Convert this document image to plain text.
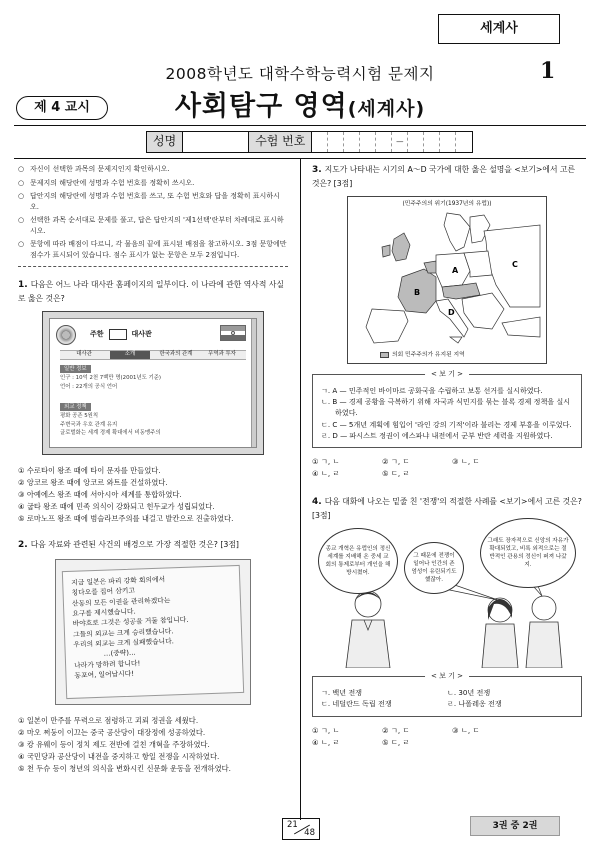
세계사
2008학년도 대학수학능력시험 문제지	1
제 4 교시	사회탐구 영역(세계사)
성명	수험 번호	—
○ 자신이 선택한 과목의 문제지인지 확인하시오.
○ 문제지의 해당란에 성명과 수험 번호를 정확히 쓰시오.
○ 답안지의 해당란에 성명과 수험 번호를 쓰고, 또 수험 번호와 답을 정확히 표시하시오.
○ 선택한 과목 순서대로 문제를 풀고, 답은 답안지의 '제1선택'란부터 차례대로 표시하시오.
○ 문항에 따라 배점이 다르니, 각 물음의 끝에 표시된 배점을 참고하시오. 3점 문항에만 점수가 표시되어 있습니다. 점수 표시가 없는 문항은 모두 2점입니다.
1. 다음은 어느 나라 대사관 홈페이지의 일부이다. 이 나라에 관한 역사적 사실로 옳은 것은?
주한	대사관
대사관	소개	한국과의 관계	무역과 투자
일반 정보
인구 : 10억 2천 7백만 명(2001년도 기준)
언어 : 22개의 공식 언어
외교 정책
평화 공존 5원칙
주변국과 우호 관계 유지
글로벌화는 세계 경제 확대에서 비동맹주의
① 수로타이 왕조 때에 타이 문자를 만들었다.
② 앙코르 왕조 때에 앙코르 와트를 건설하였다.
③ 아예에스 왕조 때에 서아시아 세계를 통합하였다.
④ 굽타 왕조 때에 민족 의식이 강화되고 힌두교가 성립되었다.
⑤ 로마노프 왕조 때에 범슬라브주의를 내걸고 발칸으로 진출하였다.
2. 다음 자료와 관련된 사건의 배경으로 가장 적절한 것은? [3점]
지금 일본은 파리 강화 회의에서
칭다오를 집어 삼키고
산동의 모든 이권을 관리하겠다는
요구를 제시했습니다.
바야흐로 그것은 성공을 거둘 참입니다.
그들의 외교는 크게 승리했습니다.
우리의 외교는 크게 실패했습니다.
…(중략)…
나라가 망하려 합니다!
동포여, 일어납시다!
① 일본이 만주를 무력으로 점령하고 괴뢰 정권을 세웠다.
② 마오 쩌둥이 이끄는 중국 공산당이 대장정에 성공하였다.
③ 캉 유웨이 등이 정치 제도 전반에 걸친 개혁을 주장하였다.
④ 국민당과 공산당이 내전을 중지하고 항일 전쟁을 시작하였다.
⑤ 천 두슈 등이 청년의 의식을 변화시킨 신문화 운동을 전개하였다.
3. 지도가 나타내는 시기의 A～D 국가에 대한 옳은 설명을 <보기>에서 고른 것은? [3점]
(민주주의의 위기(1937년의 유럽))
A
B
C
D
의회 민주주의가 유지된 지역
< 보 기 >
ㄱ. A — 민주적인 바이마르 공화국을 수립하고 보통 선거를 실시하였다.
ㄴ. B — 경제 공황을 극복하기 위해 자국과 식민지를 묶는 블록 경제 정책을 실시하였다.
ㄷ. C — 5개년 계획에 힘입어 '라인 강의 기적'이라 불리는 경제 부흥을 이루었다.
ㄹ. D — 파시스트 정권이 에스파냐 내전에서 군부 반란 세력을 지원하였다.
① ㄱ, ㄴ	② ㄱ, ㄷ	③ ㄴ, ㄷ
④ ㄴ, ㄹ	⑤ ㄷ, ㄹ
4. 다음 대화에 나오는 밑줄 친 '전쟁'의 적절한 사례를 <보기>에서 고른 것은? [3점]
종교 개혁은 유럽인의 정신 세계를 지배해 온 중세 교회의 통제로부터 개인을 해방시켰어.
그 때문에 전쟁이 일어나 인간의 존엄성이 유린되기도 했잖아.
그래도 장자적으로 신앙의 자유가 확대되었고, 비록 외적으로는 절반적인 관용의 정신이 퍼져 나갔지.
< 보 기 >
ㄱ. 백년 전쟁	ㄴ. 30년 전쟁
ㄷ. 네덜란드 독립 전쟁	ㄹ. 나폴레옹 전쟁
① ㄱ, ㄴ	② ㄱ, ㄷ	③ ㄴ, ㄷ
④ ㄴ, ㄹ	⑤ ㄷ, ㄹ
21
48
3권 중 2권
